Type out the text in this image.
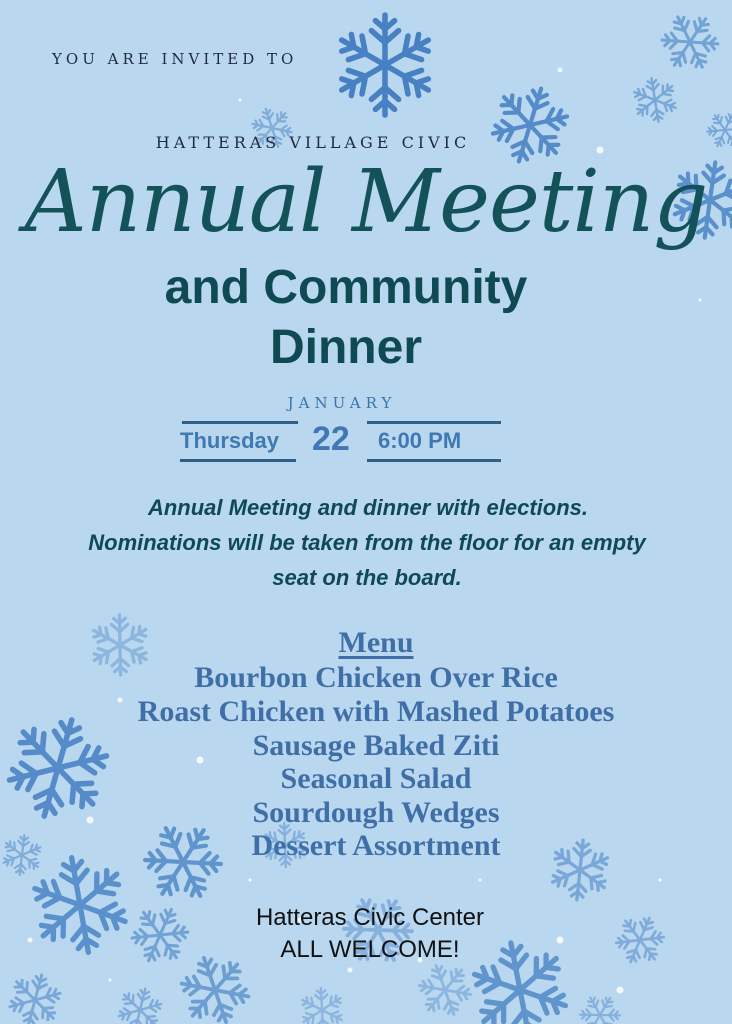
YOU ARE INVITED TO

HATTERAS VILLAGE CIVIC

Annual Meeting

and Community

Dinner

JANUARY

Thursday 22 6:00 PM

Annual Meeting and dinner with elections.

Nominations will be taken from the floor for an empty

seat on the board.

Menu

Bourbon Chicken Over Rice

Roast Chicken with Mashed Potatoes

Sausage Baked Ziti

Seasonal Salad

Sourdough Wedges

Dessert Assortment

Hatteras Civic Center

ALL WELCOME!
